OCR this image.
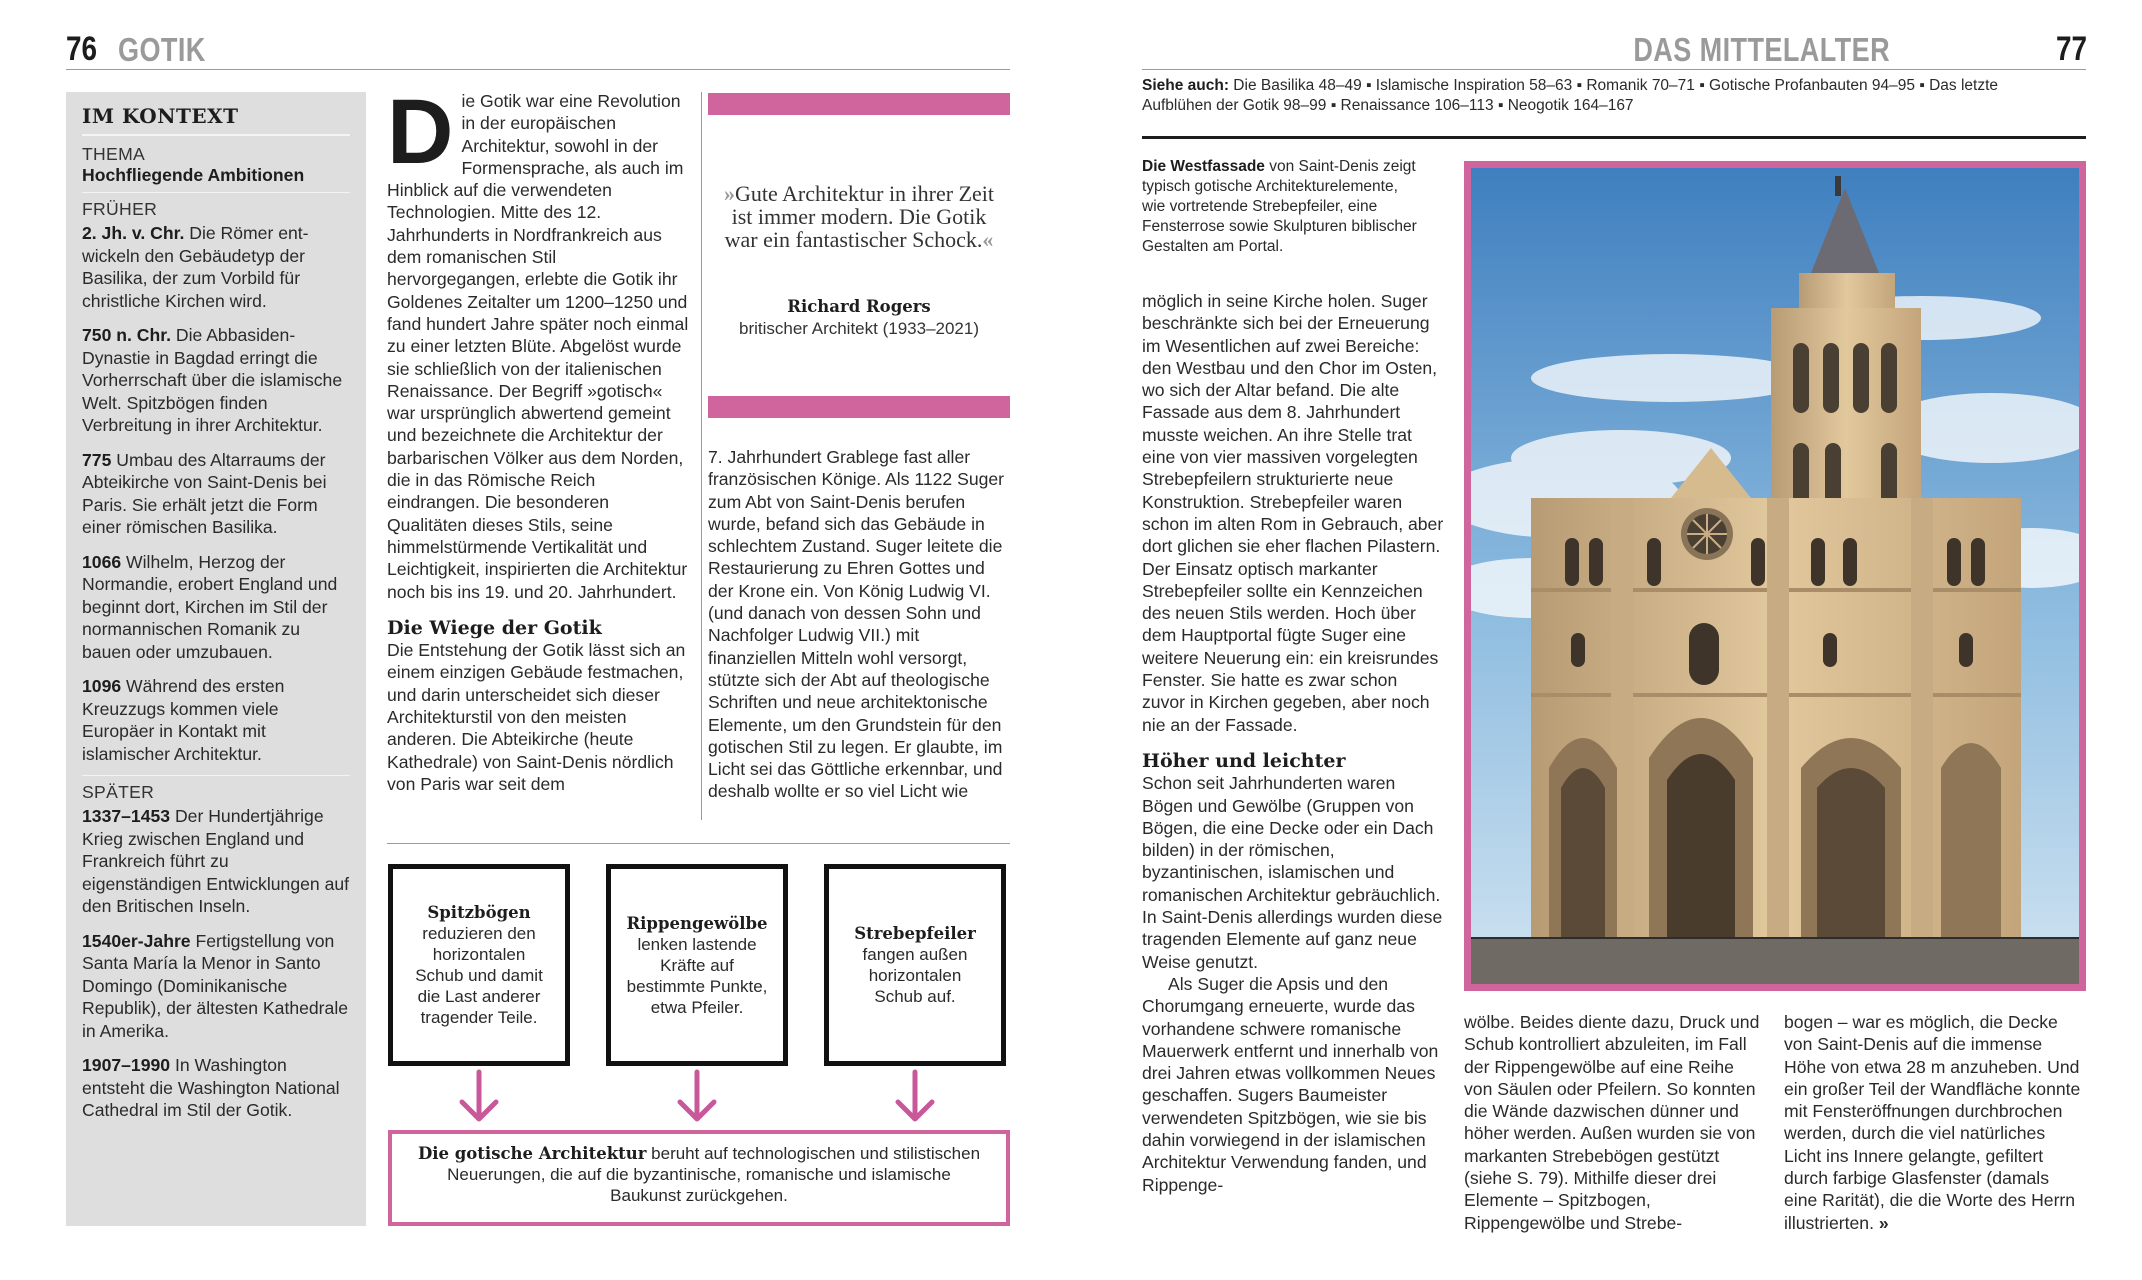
76 GOTIK	DAS MITTELALTER	77
IM KONTEXT
THEMA
Hochfliegende Ambitionen
FRÜHER

2. Jh. v. Chr. Die Römer entwickeln den Gebäudetyp der Basilika, der zum Vorbild für christliche Kirchen wird.

750 n. Chr. Die Abbasiden-Dynastie in Bagdad erringt die Vorherrschaft über die islamische Welt. Spitzbögen finden Verbreitung in ihrer Architektur.

775 Umbau des Altarraums der Abteikirche von Saint-Denis bei Paris. Sie erhält jetzt die Form einer römischen Basilika.

1066 Wilhelm, Herzog der Normandie, erobert England und beginnt dort, Kirchen im Stil der normannischen Romanik zu bauen oder umzubauen.

1096 Während des ersten Kreuzzugs kommen viele Europäer in Kontakt mit islamischer Architektur.

SPÄTER

1337–1453 Der Hundertjährige Krieg zwischen England und Frankreich führt zu eigenständigen Entwicklungen auf den Britischen Inseln.

1540er-Jahre Fertigstellung von Santa María la Menor in Santo Domingo (Dominikanische Republik), der ältesten Kathedrale in Amerika.

1907–1990 In Washington entsteht die Washington National Cathedral im Stil der Gotik.

D ie Gotik war eine Revolution in der europäischen Architektur, sowohl in der Formensprache, als auch im Hinblick auf die verwendeten Technologien. Mitte des 12. Jahrhunderts in Nordfrankreich aus dem romanischen Stil hervorgegangen, erlebte die Gotik ihr Goldenes Zeitalter um 1200–1250 und fand hundert Jahre später noch einmal zu einer letzten Blüte. Abgelöst wurde sie schließlich von der italienischen Renaissance. Der Begriff »gotisch« war ursprünglich abwertend gemeint und bezeichnete die Architektur der barbarischen Völker aus dem Norden, die in das Römische Reich eindrangen. Die besonderen Qualitäten dieses Stils, seine himmelstürmende Vertikalität und Leichtigkeit, inspirierten die Architektur noch bis ins 19. und 20. Jahrhundert.

Die Wiege der Gotik

Die Entstehung der Gotik lässt sich an einem einzigen Gebäude festmachen, und darin unterscheidet sich dieser Architekturstil von den meisten anderen. Die Abteikirche (heute Kathedrale) von Saint-Denis nördlich von Paris war seit dem

»Gute Architektur in ihrer Zeit ist immer modern. Die Gotik war ein fantastischer Schock.«
Richard Rogers
britischer Architekt (1933–2021)

7. Jahrhundert Grablege fast aller französischen Könige. Als 1122 Suger zum Abt von Saint-Denis berufen wurde, befand sich das Gebäude in schlechtem Zustand. Suger leitete die Restaurierung zu Ehren Gottes und der Krone ein. Von König Ludwig VI. (und danach von dessen Sohn und Nachfolger Ludwig VII.) mit finanziellen Mitteln wohl versorgt, stützte sich der Abt auf theologische Schriften und neue architektonische Elemente, um den Grundstein für den gotischen Stil zu legen. Er glaubte, im Licht sei das Göttliche erkennbar, und deshalb wollte er so viel Licht wie

Spitzbögen
reduzieren den horizontalen Schub und damit die Last anderer tragender Teile.
Rippengewölbe
lenken lastende Kräfte auf bestimmte Punkte, etwa Pfeiler.
Strebepfeiler
fangen außen horizontalen Schub auf.
Die gotische Architektur beruht auf technologischen und stilistischen Neuerungen, die auf die byzantinische, romanische und islamische Baukunst zurückgehen.
Siehe auch: Die Basilika 48–49 ▪ Islamische Inspiration 58–63 ▪ Romanik 70–71 ▪ Gotische Profanbauten 94–95 ▪ Das letzte Aufblühen der Gotik 98–99 ▪ Renaissance 106–113 ▪ Neogotik 164–167
Die Westfassade von Saint-Denis zeigt typisch gotische Architekturelemente, wie vortretende Strebepfeiler, eine Fensterrose sowie Skulpturen biblischer Gestalten am Portal.

möglich in seine Kirche holen. Suger beschränkte sich bei der Erneuerung im Wesentlichen auf zwei Bereiche: den Westbau und den Chor im Osten, wo sich der Altar befand. Die alte Fassade aus dem 8. Jahrhundert musste weichen. An ihre Stelle trat eine von vier massiven vorgelegten Strebepfeilern strukturierte neue Konstruktion. Strebepfeiler waren schon im alten Rom in Gebrauch, aber dort glichen sie eher flachen Pilastern. Der Einsatz optisch markanter Strebepfeiler sollte ein Kennzeichen des neuen Stils werden. Hoch über dem Hauptportal fügte Suger eine weitere Neuerung ein: ein kreisrundes Fenster. Sie hatte es zwar schon zuvor in Kirchen gegeben, aber noch nie an der Fassade.

Höher und leichter

Schon seit Jahrhunderten waren Bögen und Gewölbe (Gruppen von Bögen, die eine Decke oder ein Dach bilden) in der römischen, byzantinischen, islamischen und romanischen Architektur gebräuchlich. In Saint-Denis allerdings wurden diese tragenden Elemente auf ganz neue Weise genutzt.

Als Suger die Apsis und den Chorumgang erneuerte, wurde das vorhandene schwere romanische Mauerwerk entfernt und innerhalb von drei Jahren etwas vollkommen Neues geschaffen. Sugers Baumeister verwendeten Spitzbögen, wie sie bis dahin vorwiegend in der islamischen Architektur Verwendung fanden, und Rippenge-

wölbe. Beides diente dazu, Druck und Schub kontrolliert abzuleiten, im Fall der Rippengewölbe auf eine Reihe von Säulen oder Pfeilern. So konnten die Wände dazwischen dünner und höher werden. Außen wurden sie von markanten Strebebögen gestützt (siehe S. 79). Mithilfe dieser drei Elemente – Spitzbogen, Rippengewölbe und Strebe-

bogen – war es möglich, die Decke von Saint-Denis auf die immense Höhe von etwa 28 m anzuheben. Und ein großer Teil der Wandfläche konnte mit Fensteröffnungen durchbrochen werden, durch die viel natürliches Licht ins Innere gelangte, gefiltert durch farbige Glasfenster (damals eine Rarität), die die Worte des Herrn illustrierten. »
